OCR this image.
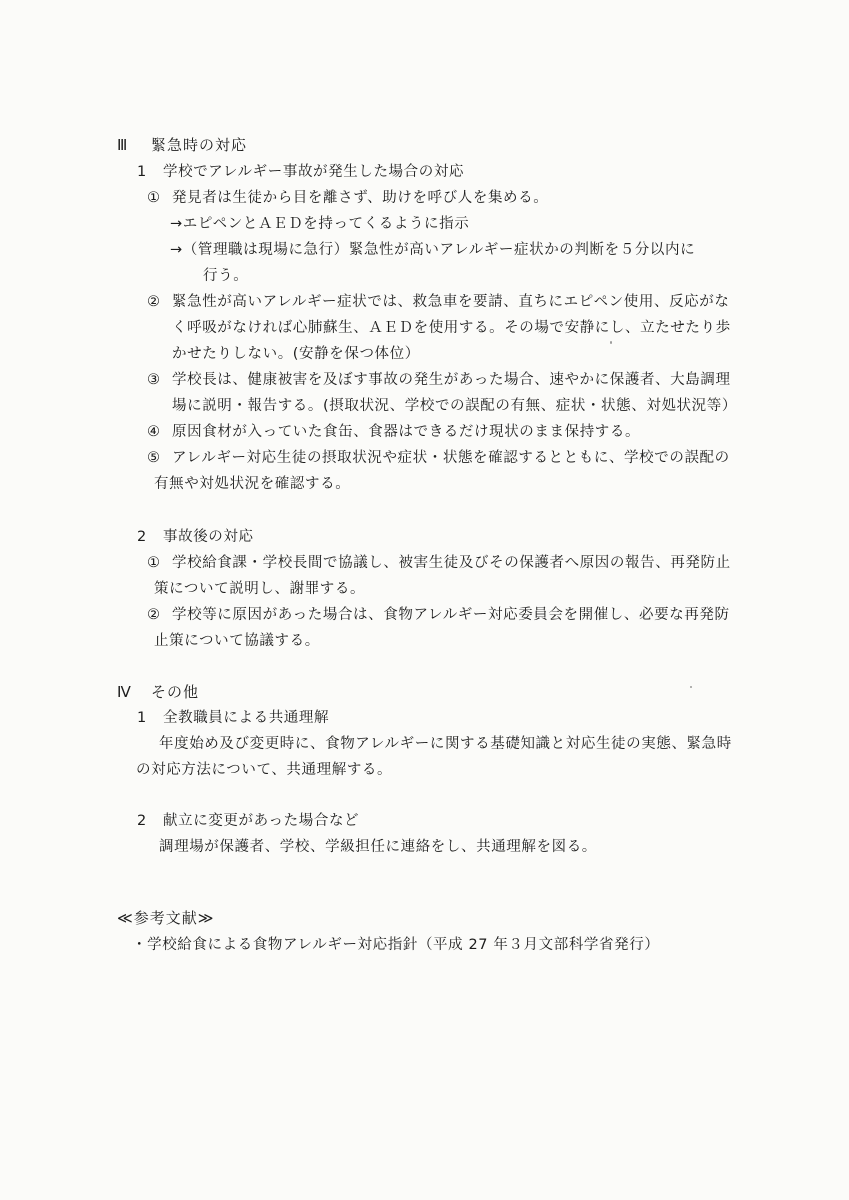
Ⅲ 緊急時の対応
1 学校でアレルギー事故が発生した場合の対応
① 発見者は生徒から目を離さず、助けを呼び人を集める。
→エピペンとＡＥＤを持ってくるように指示
→（管理職は現場に急行）緊急性が高いアレルギー症状かの判断を５分以内に
行う。
② 緊急性が高いアレルギー症状では、救急車を要請、直ちにエピペン使用、反応がな
く呼吸がなければ心肺蘇生、ＡＥＤを使用する。その場で安静にし、立たせたり歩
かせたりしない。(安静を保つ体位）
③ 学校長は、健康被害を及ぼす事故の発生があった場合、速やかに保護者、大島調理
場に説明・報告する。(摂取状況、学校での誤配の有無、症状・状態、対処状況等）
④ 原因食材が入っていた食缶、食器はできるだけ現状のまま保持する。
⑤ アレルギー対応生徒の摂取状況や症状・状態を確認するとともに、学校での誤配の
有無や対処状況を確認する。
2 事故後の対応
① 学校給食課・学校長間で協議し、被害生徒及びその保護者へ原因の報告、再発防止
策について説明し、謝罪する。
② 学校等に原因があった場合は、食物アレルギー対応委員会を開催し、必要な再発防
止策について協議する。
Ⅳ その他
1 全教職員による共通理解
年度始め及び変更時に、食物アレルギーに関する基礎知識と対応生徒の実態、緊急時
の対応方法について、共通理解する。
2 献立に変更があった場合など
調理場が保護者、学校、学級担任に連絡をし、共通理解を図る。
≪参考文献≫
・学校給食による食物アレルギー対応指針（平成 27 年３月文部科学省発行）
